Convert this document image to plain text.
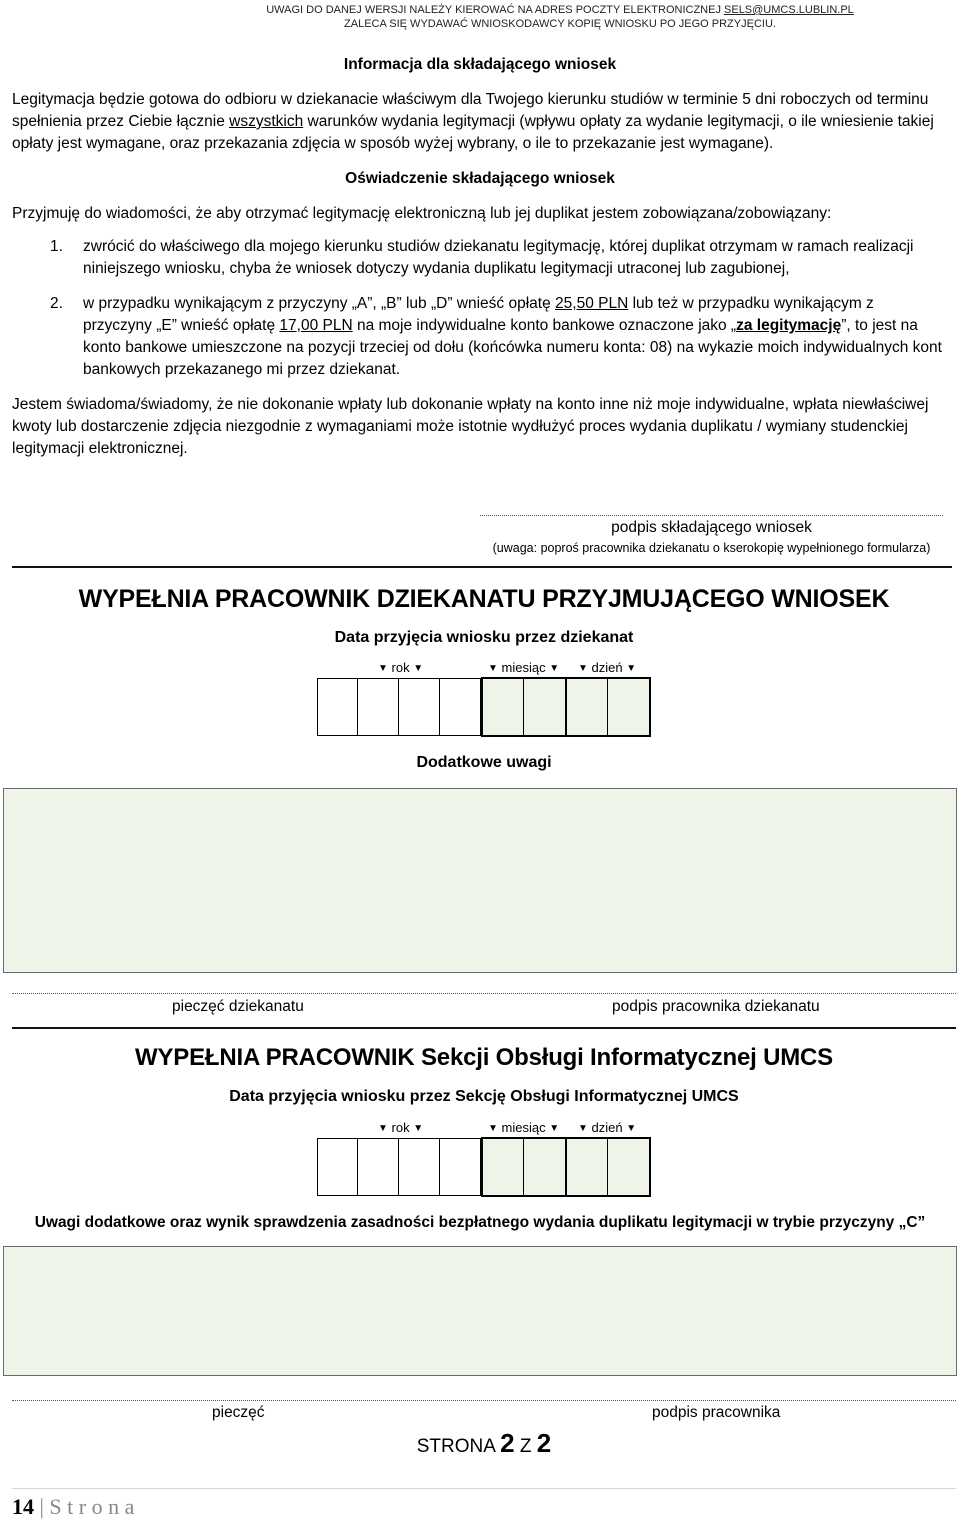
UWAGI DO DANEJ WERSJI NALEŻY KIEROWAĆ NA ADRES POCZTY ELEKTRONICZNEJ SELS@UMCS.LUBLIN.PL
ZALECA SIĘ WYDAWAĆ WNIOSKODAWCY KOPIĘ WNIOSKU PO JEGO PRZYJĘCIU.
Informacja dla składającego wniosek
Legitymacja będzie gotowa do odbioru w dziekanacie właściwym dla Twojego kierunku studiów w terminie 5 dni roboczych od terminu spełnienia przez Ciebie łącznie wszystkich warunków wydania legitymacji (wpływu opłaty za wydanie legitymacji, o ile wniesienie takiej opłaty jest wymagane, oraz przekazania zdjęcia w sposób wyżej wybrany, o ile to przekazanie jest wymagane).
Oświadczenie składającego wniosek
Przyjmuję do wiadomości, że aby otrzymać legitymację elektroniczną lub jej duplikat jestem zobowiązana/zobowiązany:
1. zwrócić do właściwego dla mojego kierunku studiów dziekanatu legitymację, której duplikat otrzymam w ramach realizacji niniejszego wniosku, chyba że wniosek dotyczy wydania duplikatu legitymacji utraconej lub zagubionej,
2. w przypadku wynikającym z przyczyny „A”, „B” lub „D” wnieść opłatę 25,50 PLN lub też w przypadku wynikającym z przyczyny „E” wnieść opłatę 17,00 PLN na moje indywidualne konto bankowe oznaczone jako „za legitymację”, to jest na konto bankowe umieszczone na pozycji trzeciej od dołu (końcówka numeru konta: 08) na wykazie moich indywidualnych kont bankowych przekazanego mi przez dziekanat.
Jestem świadoma/świadomy, że nie dokonanie wpłaty lub dokonanie wpłaty na konto inne niż moje indywidualne, wpłata niewłaściwej kwoty lub dostarczenie zdjęcia niezgodnie z wymaganiami może istotnie wydłużyć proces wydania duplikatu / wymiany studenckiej legitymacji elektronicznej.
podpis składającego wniosek
(uwaga: poproś pracownika dziekanatu o kserokopię wypełnionego formularza)
WYPEŁNIA PRACOWNIK DZIEKANATU PRZYJMUJĄCEGO WNIOSEK
Data przyjęcia wniosku przez dziekanat
▼ rok ▼	▼ miesiąc ▼ ▼ dzień ▼
Dodatkowe uwagi
pieczęć dziekanatu	podpis pracownika dziekanatu
WYPEŁNIA PRACOWNIK Sekcji Obsługi Informatycznej UMCS
Data przyjęcia wniosku przez Sekcję Obsługi Informatycznej UMCS
▼ rok ▼	▼ miesiąc ▼ ▼ dzień ▼
Uwagi dodatkowe oraz wynik sprawdzenia zasadności bezpłatnego wydania duplikatu legitymacji w trybie przyczyny „C”
pieczęć	podpis pracownika
STRONA 2 Z 2
14 | S t r o n a
